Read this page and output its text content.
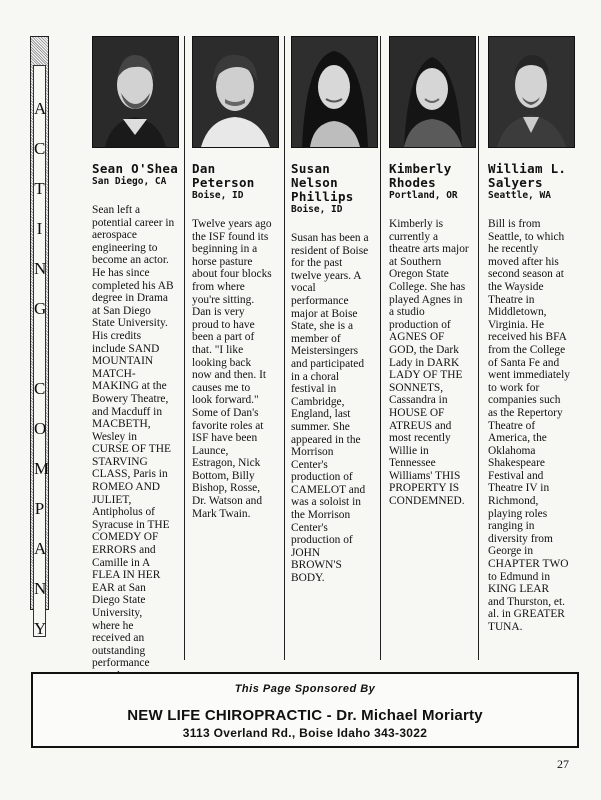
A
C
T
I
N
G
C
O
M
P
A
N
Y
Sean O'Shea
San Diego, CA
Sean left a
potential career in
aerospace
engineering to
become an actor.
He has since
completed his AB
degree in Drama
at San Diego
State University.
His credits
include SAND
MOUNTAIN
MATCH-
MAKING at the
Bowery Theatre,
and Macduff in
MACBETH,
Wesley in
CURSE OF THE
STARVING
CLASS, Paris in
ROMEO AND
JULIET,
Antipholus of
Syracuse in THE
COMEDY OF
ERRORS and
Camille in A
FLEA IN HER
EAR at San
Diego State
University,
where he
received an
outstanding
performance

Dan Peterson
Boise, ID
Twelve years ago
the ISF found its
beginning in a
horse pasture
about four blocks
from where
you're sitting.
Dan is very
proud to have
been a part of
that. "I like
looking back
now and then. It
causes me to
look forward."
Some of Dan's
favorite roles at
ISF have been
Launce,
Estragon, Nick
Bottom, Billy
Bishop, Rosse,
Dr. Watson and
Mark Twain.
Susan Nelson Phillips
Boise, ID
Susan has been a
resident of Boise
for the past
twelve years. A
vocal
performance
major at Boise
State, she is a
member of
Meistersingers
and participated
in a choral
festival in
Cambridge,
England, last
summer. She
appeared in the
Morrison
Center's
production of
CAMELOT and
was a soloist in
the Morrison
Center's
production of
JOHN
BROWN'S
BODY.
Kimberly Rhodes
Portland, OR
Kimberly is
currently a
theatre arts major
at Southern
Oregon State
College. She has
played Agnes in
a studio
production of
AGNES OF
GOD, the Dark
Lady in DARK
LADY OF THE
SONNETS,
Cassandra in
HOUSE OF
ATREUS and
most recently
Willie in
Tennessee
Williams' THIS
PROPERTY IS
CONDEMNED.
William L. Salyers
Seattle, WA
Bill is from
Seattle, to which
he recently
moved after his
second season at
the Wayside
Theatre in
Middletown,
Virginia. He
received his BFA
from the College
of Santa Fe and
went immediately
to work for
companies such
as the Repertory
Theatre of
America, the
Oklahoma
Shakespeare
Festival and
Theatre IV in
Richmond,
playing roles
ranging in
diversity from
George in
CHAPTER TWO
to Edmund in
KING LEAR
and Thurston, et.
al. in GREATER
TUNA.
This Page Sponsored By
NEW LIFE CHIROPRACTIC - Dr. Michael Moriarty
3113 Overland Rd., Boise Idaho 343-3022
27
